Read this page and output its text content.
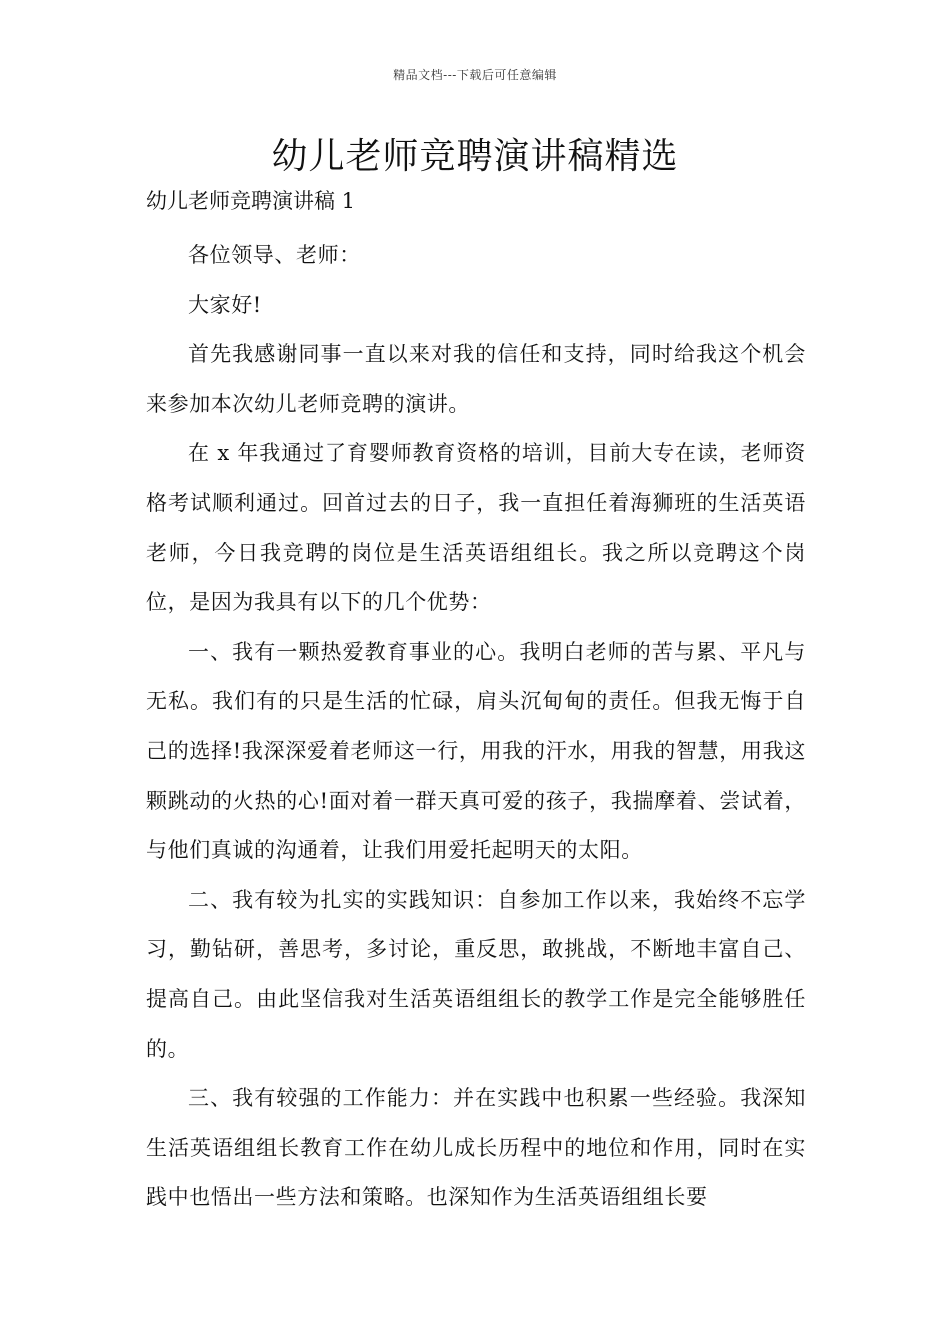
精品文档---下载后可任意编辑
幼儿老师竞聘演讲稿精选

幼儿老师竞聘演讲稿 1

各位领导、老师：

大家好!

首先我感谢同事一直以来对我的信任和支持，同时给我这个机会来参加本次幼儿老师竞聘的演讲。

在 x 年我通过了育婴师教育资格的培训，目前大专在读，老师资格考试顺利通过。回首过去的日子，我一直担任着海狮班的生活英语老师，今日我竞聘的岗位是生活英语组组长。我之所以竞聘这个岗位，是因为我具有以下的几个优势：

一、我有一颗热爱教育事业的心。我明白老师的苦与累、平凡与无私。我们有的只是生活的忙碌，肩头沉甸甸的责任。但我无悔于自己的选择!我深深爱着老师这一行，用我的汗水，用我的智慧，用我这颗跳动的火热的心!面对着一群天真可爱的孩子，我揣摩着、尝试着，与他们真诚的沟通着，让我们用爱托起明天的太阳。

二、我有较为扎实的实践知识：自参加工作以来，我始终不忘学习，勤钻研，善思考，多讨论，重反思，敢挑战，不断地丰富自己、提高自己。由此坚信我对生活英语组组长的教学工作是完全能够胜任的。

三、我有较强的工作能力：并在实践中也积累一些经验。我深知生活英语组组长教育工作在幼儿成长历程中的地位和作用，同时在实践中也悟出一些方法和策略。也深知作为生活英语组组长要
